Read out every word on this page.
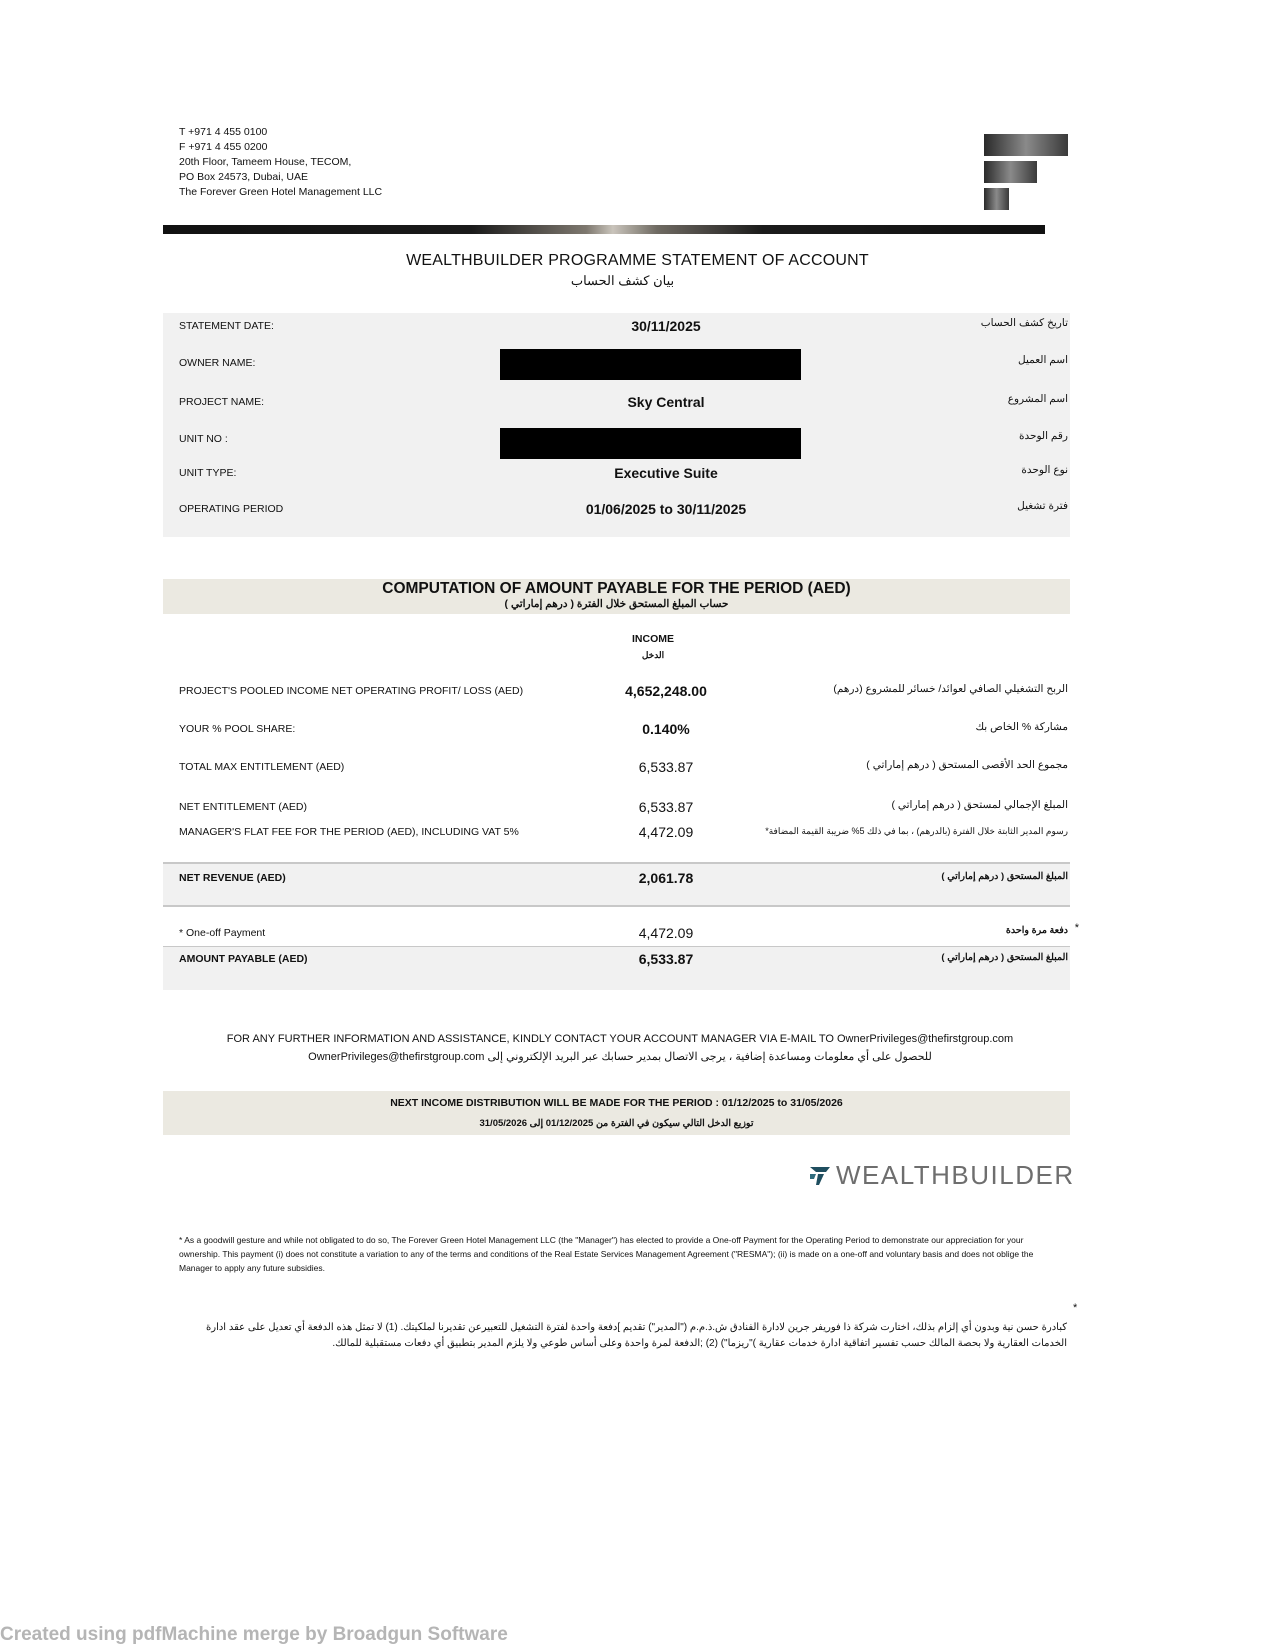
T +971 4 455 0100
F +971 4 455 0200
20th Floor, Tameem House, TECOM,
PO Box 24573, Dubai, UAE
The Forever Green Hotel Management LLC
WEALTHBUILDER PROGRAMME STATEMENT OF ACCOUNT
بيان كشف الحساب
STATEMENT DATE:	30/11/2025	تاريخ كشف الحساب
OWNER NAME:	اسم العميل
PROJECT NAME:	Sky Central	اسم المشروع
UNIT NO :	رقم الوحدة
UNIT TYPE:	Executive Suite	نوع الوحدة
OPERATING PERIOD	01/06/2025 to 30/11/2025	فترة تشغيل
COMPUTATION OF AMOUNT PAYABLE FOR THE PERIOD (AED)
حساب المبلغ المستحق خلال الفترة ( درهم إماراتي )
INCOME
الدخل
PROJECT'S POOLED INCOME NET OPERATING PROFIT/ LOSS (AED)	4,652,248.00	الربح التشغيلي الصافي لعوائد/ خسائر للمشروع (درهم)
YOUR % POOL SHARE:	0.140%	مشاركة % الخاص بك
TOTAL MAX ENTITLEMENT (AED)	6,533.87	مجموع الحد الأقصى المستحق ( درهم إماراتي )
NET ENTITLEMENT (AED)	6,533.87	المبلغ الإجمالي لمستحق ( درهم إماراتي )
MANAGER'S FLAT FEE FOR THE PERIOD (AED), INCLUDING VAT 5%	4,472.09	رسوم المدير الثابتة خلال الفترة (بالدرهم) ، بما في ذلك 5% ضريبة القيمة المضافة*
NET REVENUE (AED)	2,061.78	المبلغ المستحق ( درهم إماراتي )
* One-off Payment	4,472.09	دفعة مرة واحدة *
AMOUNT PAYABLE (AED)	6,533.87	المبلغ المستحق ( درهم إماراتي )
FOR ANY FURTHER INFORMATION AND ASSISTANCE, KINDLY CONTACT YOUR ACCOUNT MANAGER VIA E-MAIL TO OwnerPrivileges@thefirstgroup.com
للحصول على أي معلومات ومساعدة إضافية ، يرجى الاتصال بمدير حسابك عبر البريد الإلكتروني إلى OwnerPrivileges@thefirstgroup.com
NEXT INCOME DISTRIBUTION WILL BE MADE FOR THE PERIOD : 01/12/2025 to 31/05/2026
توزيع الدخل التالي سيكون في الفترة من 01/12/2025 إلى 31/05/2026
WEALTHBUILDER
* As a goodwill gesture and while not obligated to do so, The Forever Green Hotel Management LLC (the "Manager") has elected to provide a One-off Payment for the Operating Period to demonstrate our appreciation for your ownership. This payment (i) does not constitute a variation to any of the terms and conditions of the Real Estate Services Management Agreement ("RESMA"); (ii) is made on a one-off and voluntary basis and does not oblige the Manager to apply any future subsidies.
*
كبادرة حسن نية وبدون أي إلزام بذلك، اختارت شركة ذا فوريفر جرين لادارة الفنادق ش.ذ.م.م ("المدير") تقديم ]دفعة واحدة لفترة التشغيل للتعبيرعن تقديرنا لملكيتك. (1) لا تمثل هذه الدفعة أي تعديل على عقد ادارة الخدمات العقارية ولا بحصة المالك حسب تفسير اتفاقية ادارة خدمات عقارية )"ريزما") (2) ;الدفعة لمرة واحدة وعلى أساس طوعي ولا يلزم المدير بتطبيق أي دفعات مستقبلية للمالك.
Created using pdfMachine merge by Broadgun Software
